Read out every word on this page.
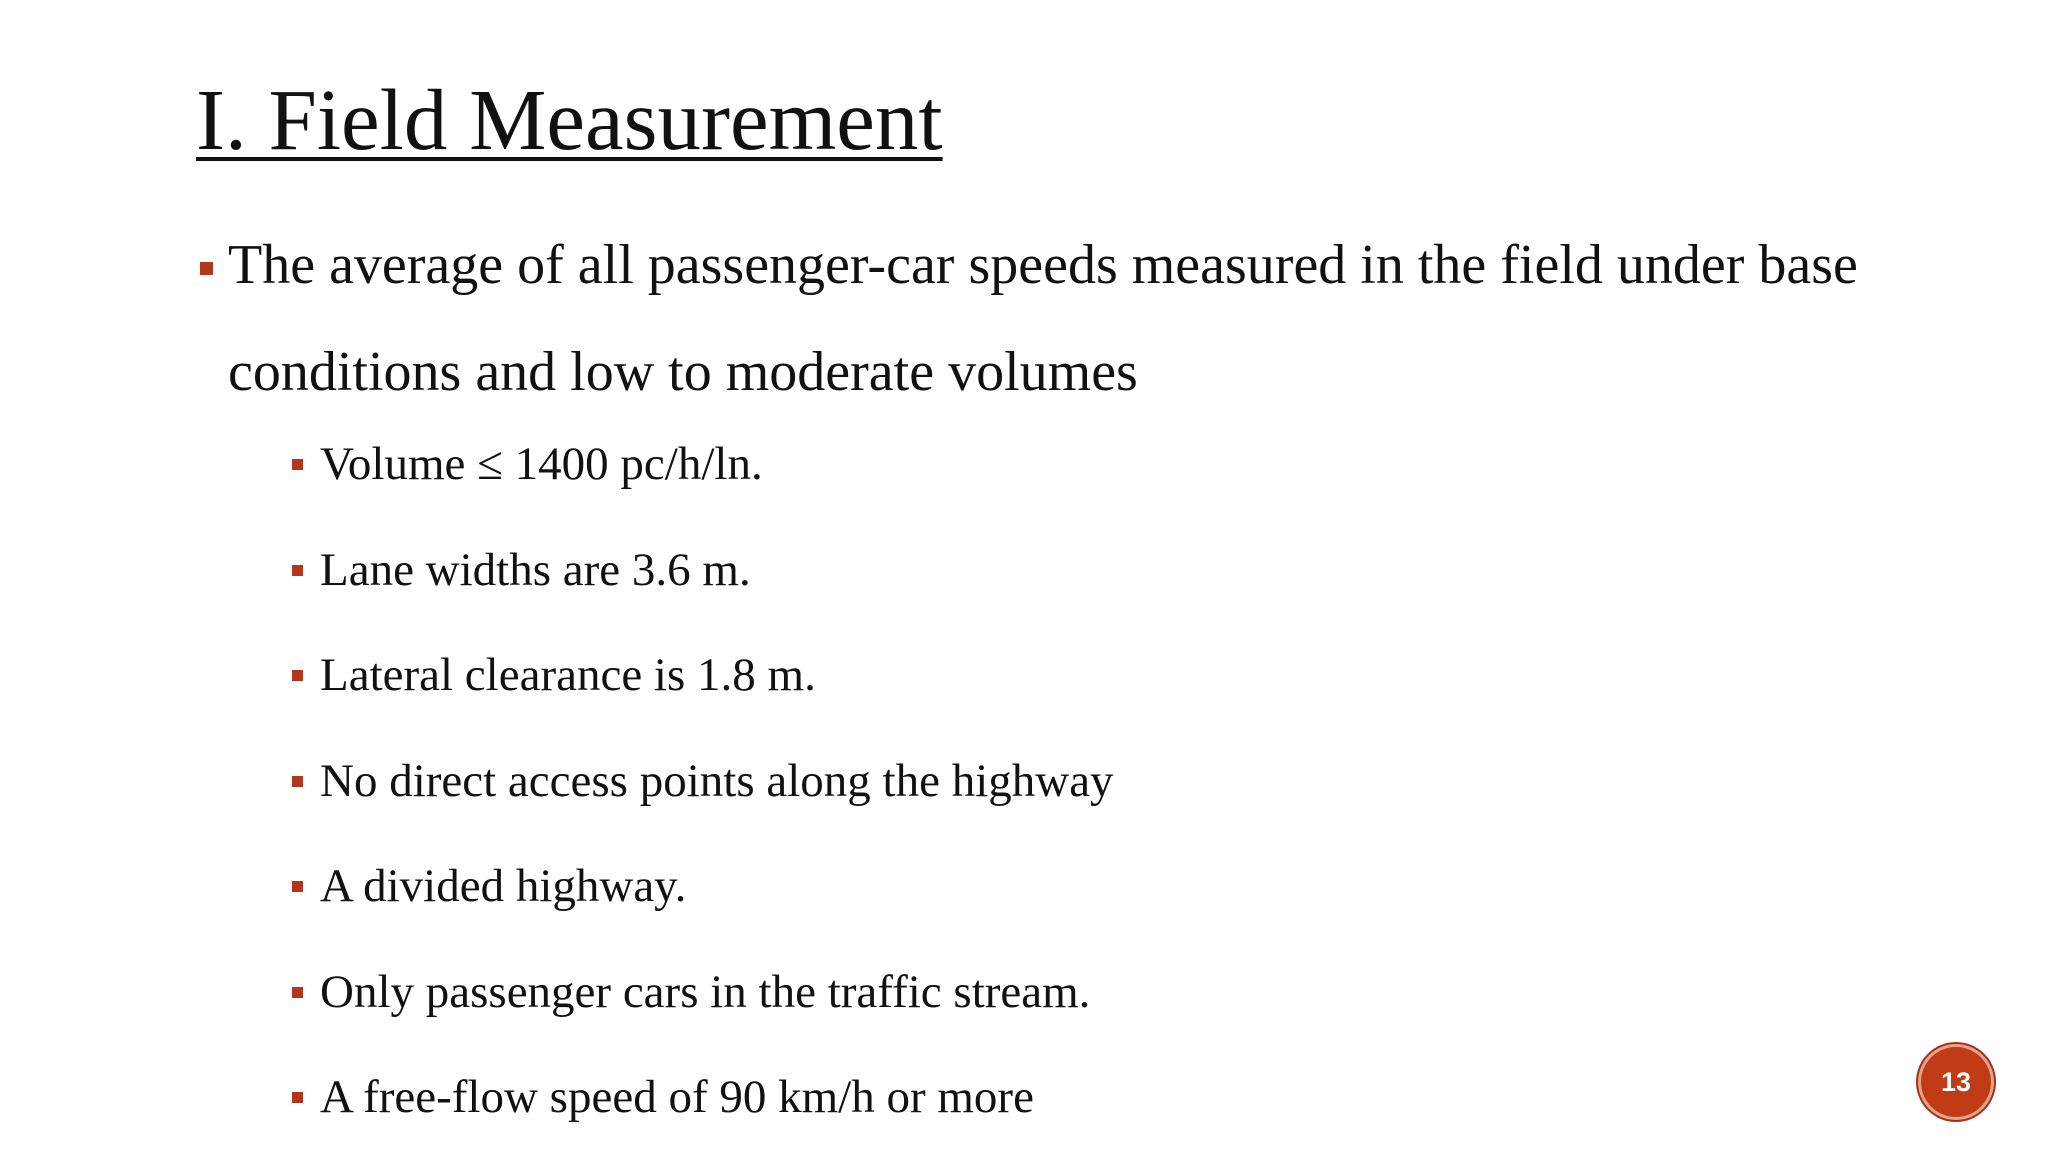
I. Field Measurement
The average of all passenger-car speeds measured in the field under base conditions and low to moderate volumes
Volume ≤ 1400 pc/h/ln.
Lane widths are 3.6 m.
Lateral clearance is 1.8 m.
No direct access points along the highway
A divided highway.
Only passenger cars in the traffic stream.
A free-flow speed of 90 km/h or more	13
